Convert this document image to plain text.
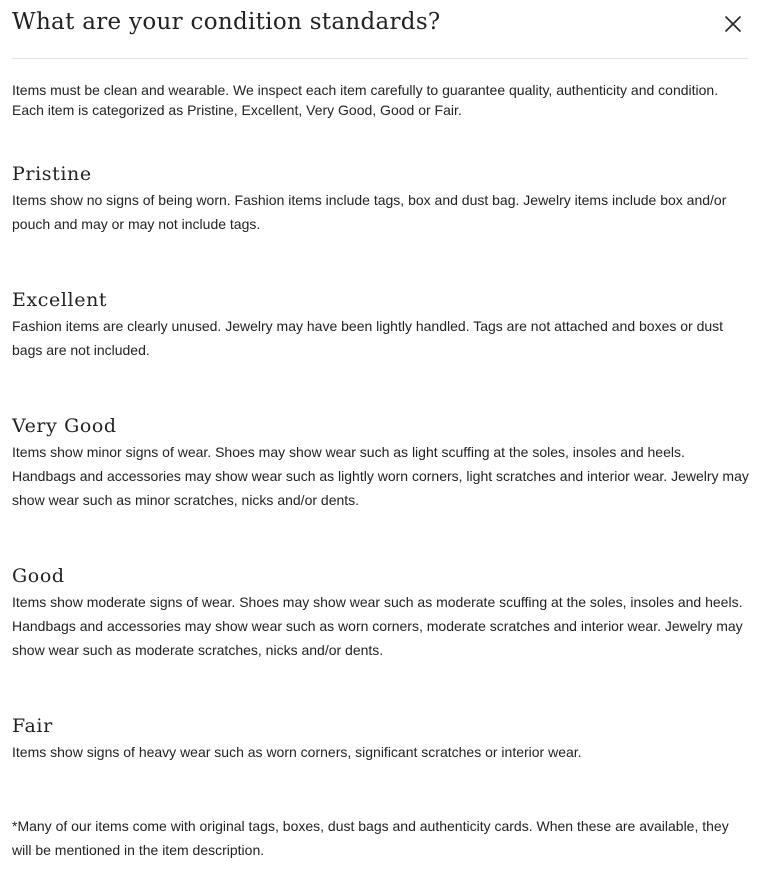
What are your condition standards?

Items must be clean and wearable. We inspect each item carefully to guarantee quality, authenticity and condition. Each item is categorized as Pristine, Excellent, Very Good, Good or Fair.

Pristine

Items show no signs of being worn. Fashion items include tags, box and dust bag. Jewelry items include box and/or pouch and may or may not include tags.

Excellent

Fashion items are clearly unused. Jewelry may have been lightly handled. Tags are not attached and boxes or dust bags are not included.

Very Good

Items show minor signs of wear. Shoes may show wear such as light scuffing at the soles, insoles and heels. Handbags and accessories may show wear such as lightly worn corners, light scratches and interior wear. Jewelry may show wear such as minor scratches, nicks and/or dents.

Good

Items show moderate signs of wear. Shoes may show wear such as moderate scuffing at the soles, insoles and heels. Handbags and accessories may show wear such as worn corners, moderate scratches and interior wear. Jewelry may show wear such as moderate scratches, nicks and/or dents.

Fair

Items show signs of heavy wear such as worn corners, significant scratches or interior wear.

*Many of our items come with original tags, boxes, dust bags and authenticity cards. When these are available, they will be mentioned in the item description.
